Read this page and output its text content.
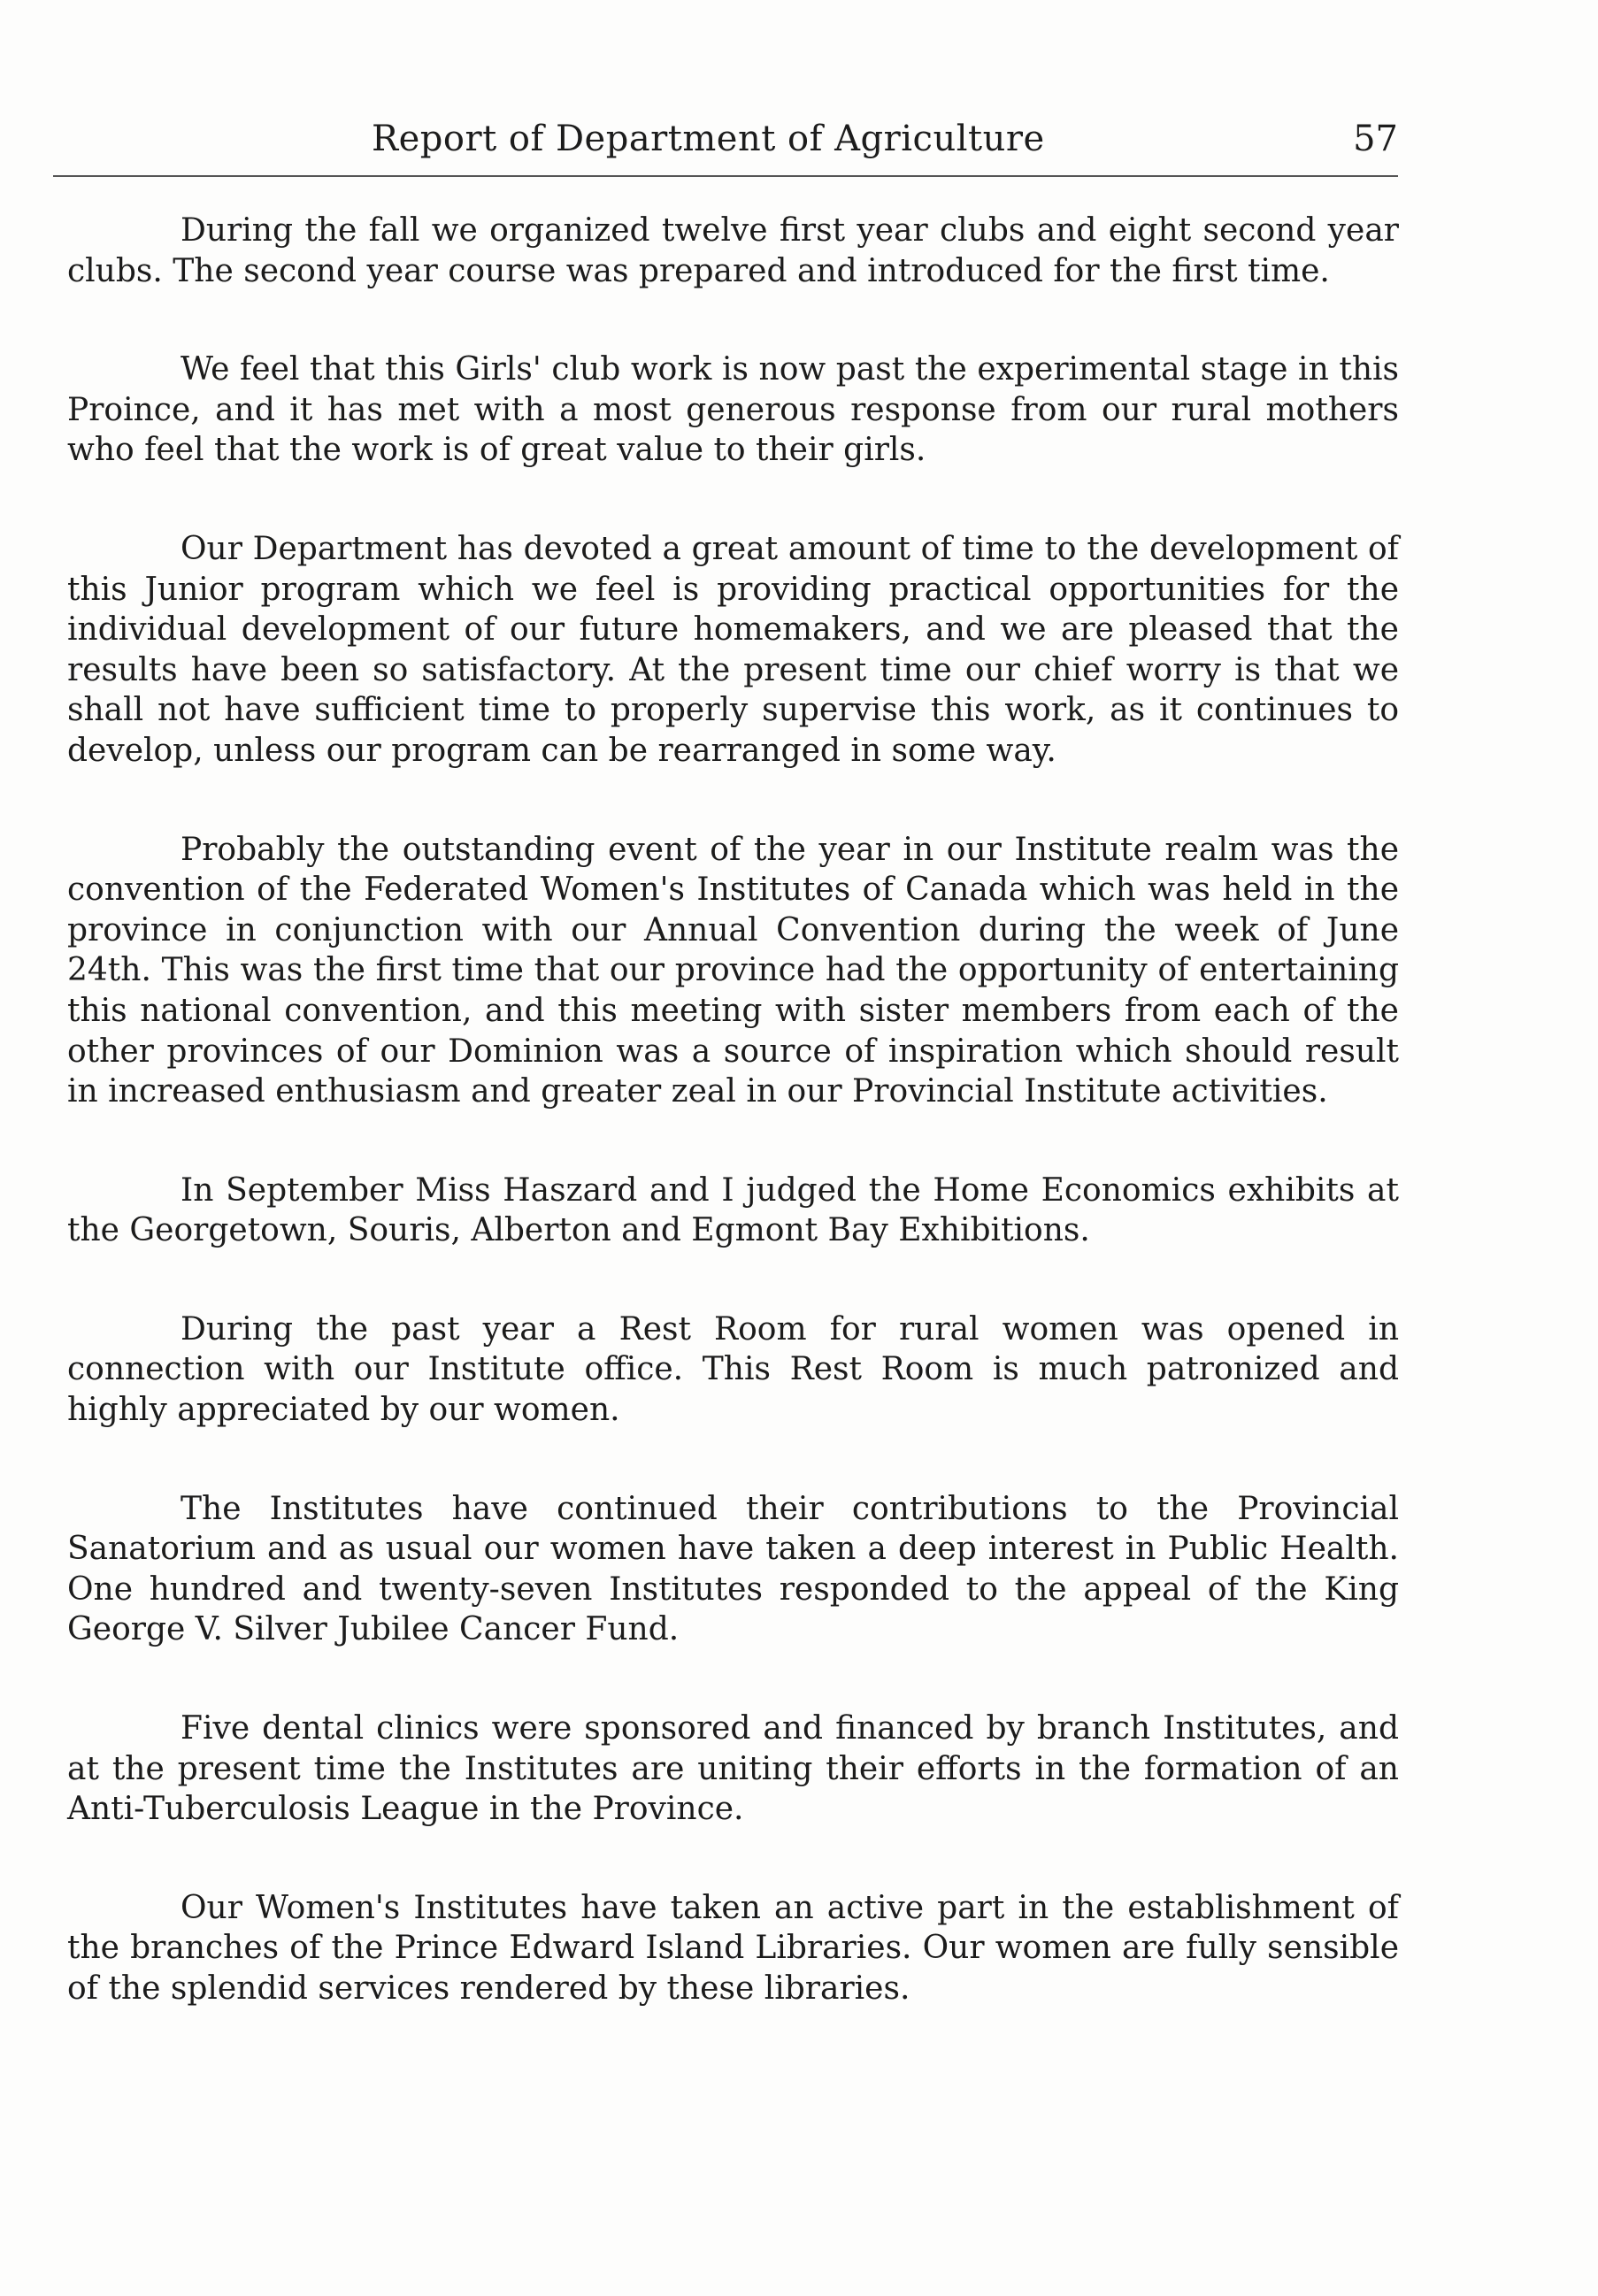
Report of Department of Agriculture	57

During the fall we organized twelve first year clubs and eight second year clubs. The second year course was prepared and introduced for the first time.

We feel that this Girls' club work is now past the experimental stage in this Proince, and it has met with a most generous response from our rural mothers who feel that the work is of great value to their girls.

Our Department has devoted a great amount of time to the development of this Junior program which we feel is providing practical opportunities for the individual development of our future homemakers, and we are pleased that the results have been so satisfactory. At the present time our chief worry is that we shall not have sufficient time to properly supervise this work, as it continues to develop, unless our program can be rearranged in some way.

Probably the outstanding event of the year in our Institute realm was the convention of the Federated Women's Institutes of Canada which was held in the province in conjunction with our Annual Convention during the week of June 24th. This was the first time that our province had the opportunity of entertaining this national convention, and this meeting with sister members from each of the other provinces of our Dominion was a source of inspiration which should result in increased enthusiasm and greater zeal in our Provincial Institute activities.

In September Miss Haszard and I judged the Home Economics exhibits at the Georgetown, Souris, Alberton and Egmont Bay Exhibitions.

During the past year a Rest Room for rural women was opened in connection with our Institute office. This Rest Room is much patronized and highly appreciated by our women.

The Institutes have continued their contributions to the Provincial Sanatorium and as usual our women have taken a deep interest in Public Health. One hundred and twenty-seven Institutes responded to the appeal of the King George V. Silver Jubilee Cancer Fund.

Five dental clinics were sponsored and financed by branch Institutes, and at the present time the Institutes are uniting their efforts in the formation of an Anti-Tuberculosis League in the Province.

Our Women's Institutes have taken an active part in the establishment of the branches of the Prince Edward Island Libraries. Our women are fully sensible of the splendid services rendered by these libraries.
